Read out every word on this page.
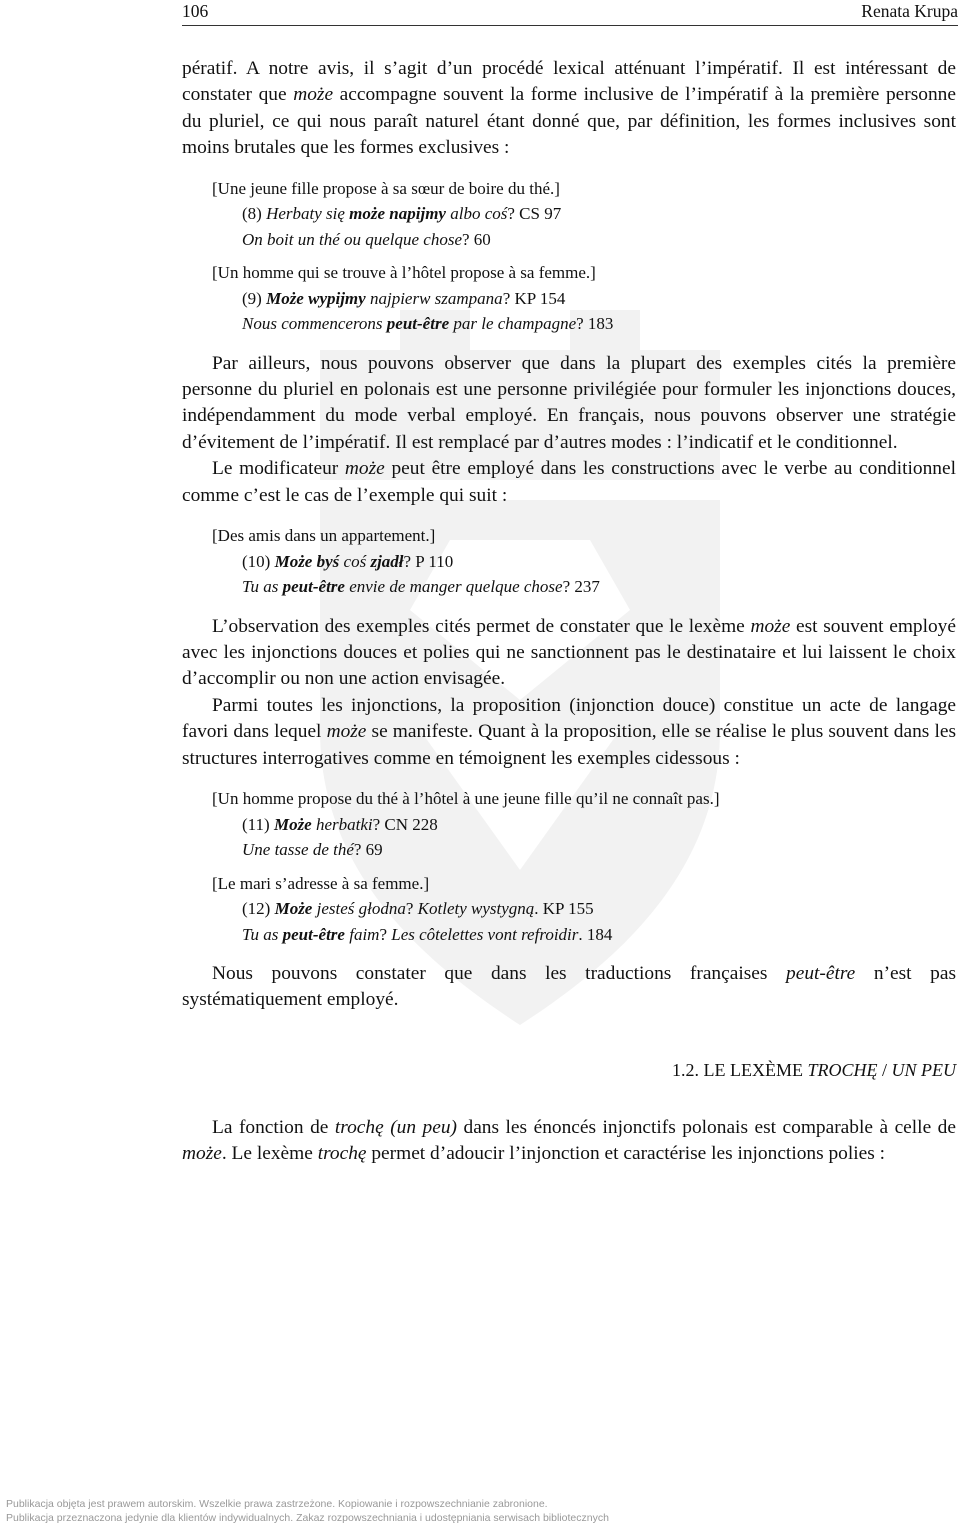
106	Renata Krupa

pératif. A notre avis, il s’agit d’un procédé lexical atténuant l’impératif. Il est intéressant de constater que może accompagne souvent la forme inclusive de l’impératif à la première personne du pluriel, ce qui nous paraît naturel étant donné que, par définition, les formes inclusives sont moins brutales que les formes exclusives :

[Une jeune fille propose à sa sœur de boire du thé.]

(8) Herbaty się może napijmy albo coś? CS 97

On boit un thé ou quelque chose? 60

[Un homme qui se trouve à l’hôtel propose à sa femme.]

(9) Może wypijmy najpierw szampana? KP 154

Nous commencerons peut-être par le champagne? 183

Par ailleurs, nous pouvons observer que dans la plupart des exemples cités la première personne du pluriel en polonais est une personne privilégiée pour formuler les injonctions douces, indépendamment du mode verbal employé. En français, nous pouvons observer une stratégie d’évitement de l’impératif. Il est remplacé par d’autres modes : l’indicatif et le conditionnel.

Le modificateur może peut être employé dans les constructions avec le verbe au conditionnel comme c’est le cas de l’exemple qui suit :

[Des amis dans un appartement.]

(10) Może byś coś zjadł? P 110

Tu as peut-être envie de manger quelque chose? 237

L’observation des exemples cités permet de constater que le lexème może est souvent employé avec les injonctions douces et polies qui ne sanctionnent pas le destinataire et lui laissent le choix d’accomplir ou non une action envisagée.

Parmi toutes les injonctions, la proposition (injonction douce) constitue un acte de langage favori dans lequel może se manifeste. Quant à la proposition, elle se réalise le plus souvent dans les structures interrogatives comme en témoignent les exemples cidessous :

[Un homme propose du thé à l’hôtel à une jeune fille qu’il ne connaît pas.]

(11) Może herbatki? CN 228

Une tasse de thé? 69

[Le mari s’adresse à sa femme.]

(12) Może jesteś głodna? Kotlety wystygną. KP 155

Tu as peut-être faim? Les côtelettes vont refroidir. 184

Nous pouvons constater que dans les traductions françaises peut-être n’est pas systématiquement employé.

1.2. LE LEXÈME TROCHĘ / UN PEU

La fonction de trochę (un peu) dans les énoncés injonctifs polonais est comparable à celle de może. Le lexème trochę permet d’adoucir l’injonction et caractérise les injonctions polies :

Publikacja objęta jest prawem autorskim. Wszelkie prawa zastrzeżone. Kopiowanie i rozpowszechnianie zabronione.
Publikacja przeznaczona jedynie dla klientów indywidualnych. Zakaz rozpowszechniania i udostępniania serwisach bibliotecznych
